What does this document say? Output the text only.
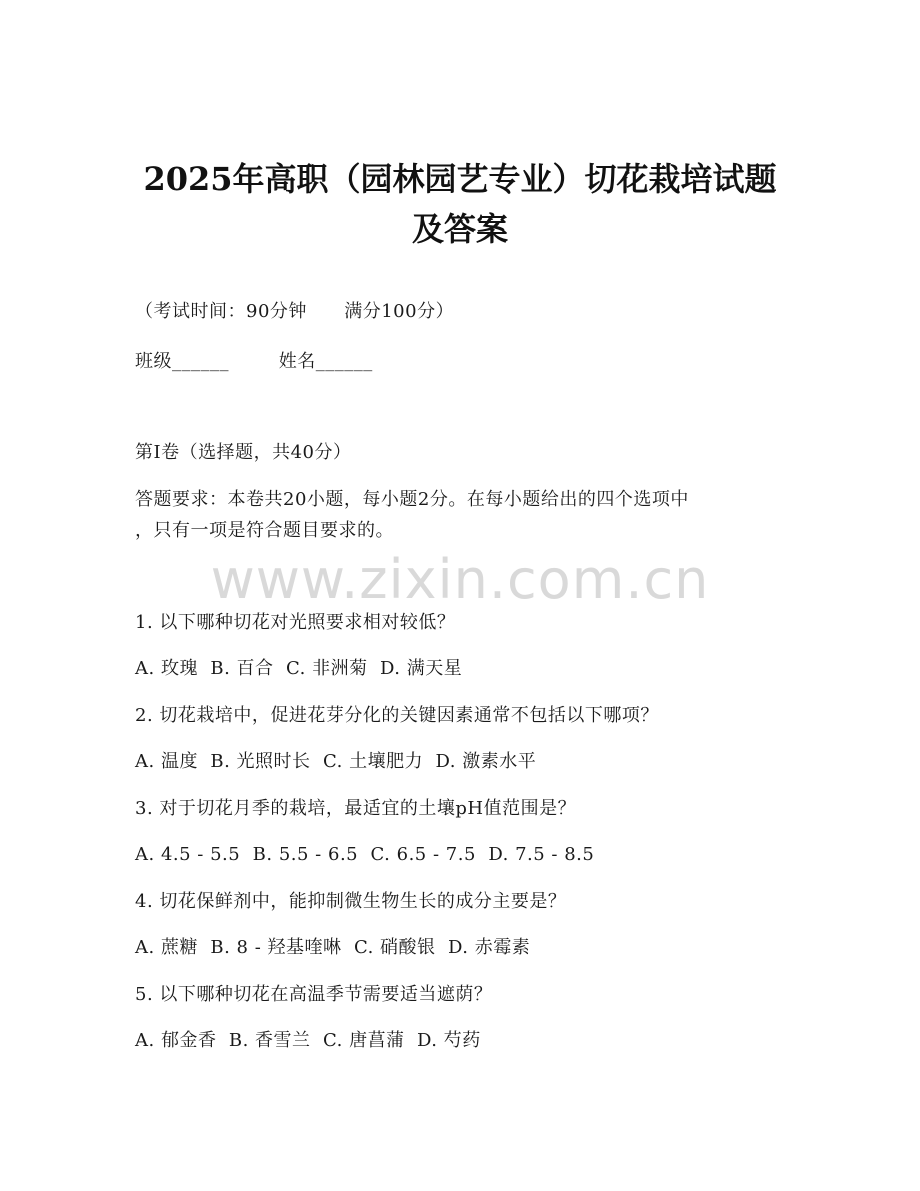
2025年高职（园林园艺专业）切花栽培试题
及答案
（考试时间：90分钟      满分100分）
班级______        姓名______
第I卷（选择题，共40分）
答题要求：本卷共20小题，每小题2分。在每小题给出的四个选项中
，只有一项是符合题目要求的。
www.zixin.com.cn
1. 以下哪种切花对光照要求相对较低？
A. 玫瑰  B. 百合  C. 非洲菊  D. 满天星
2. 切花栽培中，促进花芽分化的关键因素通常不包括以下哪项？
A. 温度  B. 光照时长  C. 土壤肥力  D. 激素水平
3. 对于切花月季的栽培，最适宜的土壤pH值范围是？
A. 4.5 - 5.5  B. 5.5 - 6.5  C. 6.5 - 7.5  D. 7.5 - 8.5
4. 切花保鲜剂中，能抑制微生物生长的成分主要是？
A. 蔗糖  B. 8 - 羟基喹啉  C. 硝酸银  D. 赤霉素
5. 以下哪种切花在高温季节需要适当遮荫？
A. 郁金香  B. 香雪兰  C. 唐菖蒲  D. 芍药
